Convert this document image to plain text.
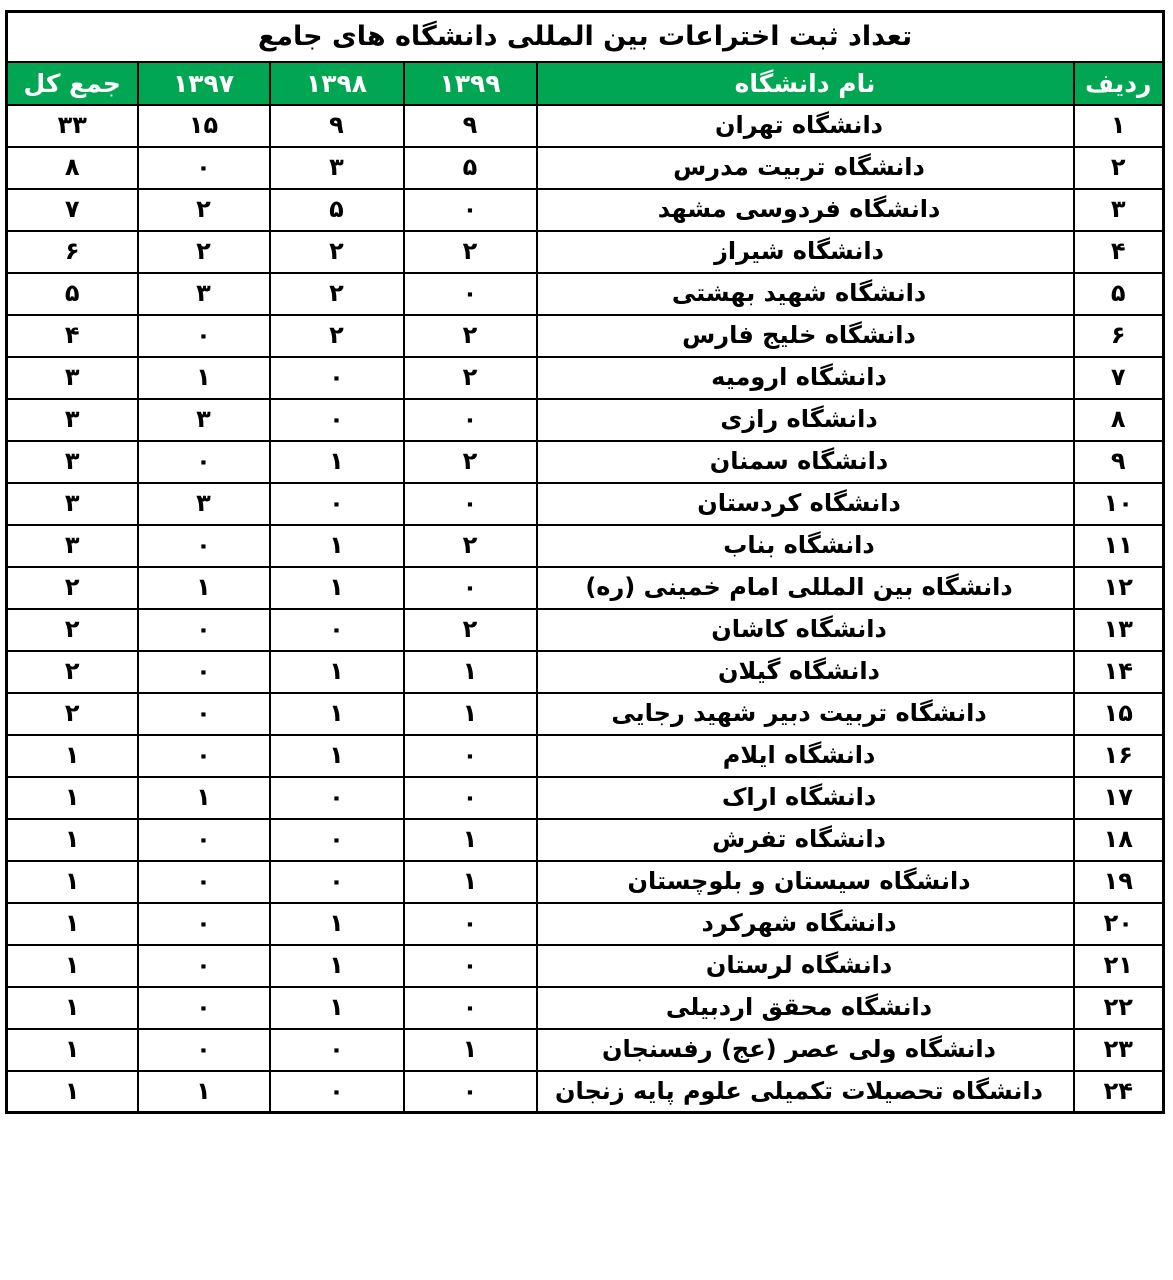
تعداد ثبت اختراعات بین المللی دانشگاه های جامع					
ردیف	نام دانشگاه	۱۳۹۹	۱۳۹۸	۱۳۹۷	جمع کل
۱	دانشگاه تهران	۹	۹	۱۵	۳۳
۲	دانشگاه تربیت مدرس	۵	۳	۰	۸
۳	دانشگاه فردوسی مشهد	۰	۵	۲	۷
۴	دانشگاه شیراز	۲	۲	۲	۶
۵	دانشگاه شهید بهشتی	۰	۲	۳	۵
۶	دانشگاه خلیج فارس	۲	۲	۰	۴
۷	دانشگاه ارومیه	۲	۰	۱	۳
۸	دانشگاه رازی	۰	۰	۳	۳
۹	دانشگاه سمنان	۲	۱	۰	۳
۱۰	دانشگاه کردستان	۰	۰	۳	۳
۱۱	دانشگاه بناب	۲	۱	۰	۳
۱۲	دانشگاه بین المللی امام خمینی (ره)	۰	۱	۱	۲
۱۳	دانشگاه کاشان	۲	۰	۰	۲
۱۴	دانشگاه گیلان	۱	۱	۰	۲
۱۵	دانشگاه تربیت دبیر شهید رجایی	۱	۱	۰	۲
۱۶	دانشگاه ایلام	۰	۱	۰	۱
۱۷	دانشگاه اراک	۰	۰	۱	۱
۱۸	دانشگاه تفرش	۱	۰	۰	۱
۱۹	دانشگاه سیستان و بلوچستان	۱	۰	۰	۱
۲۰	دانشگاه شهرکرد	۰	۱	۰	۱
۲۱	دانشگاه لرستان	۰	۱	۰	۱
۲۲	دانشگاه محقق اردبیلی	۰	۱	۰	۱
۲۳	دانشگاه ولی عصر (عج) رفسنجان	۱	۰	۰	۱
۲۴	دانشگاه تحصیلات تکمیلی علوم پایه زنجان	۰	۰	۱	۱
